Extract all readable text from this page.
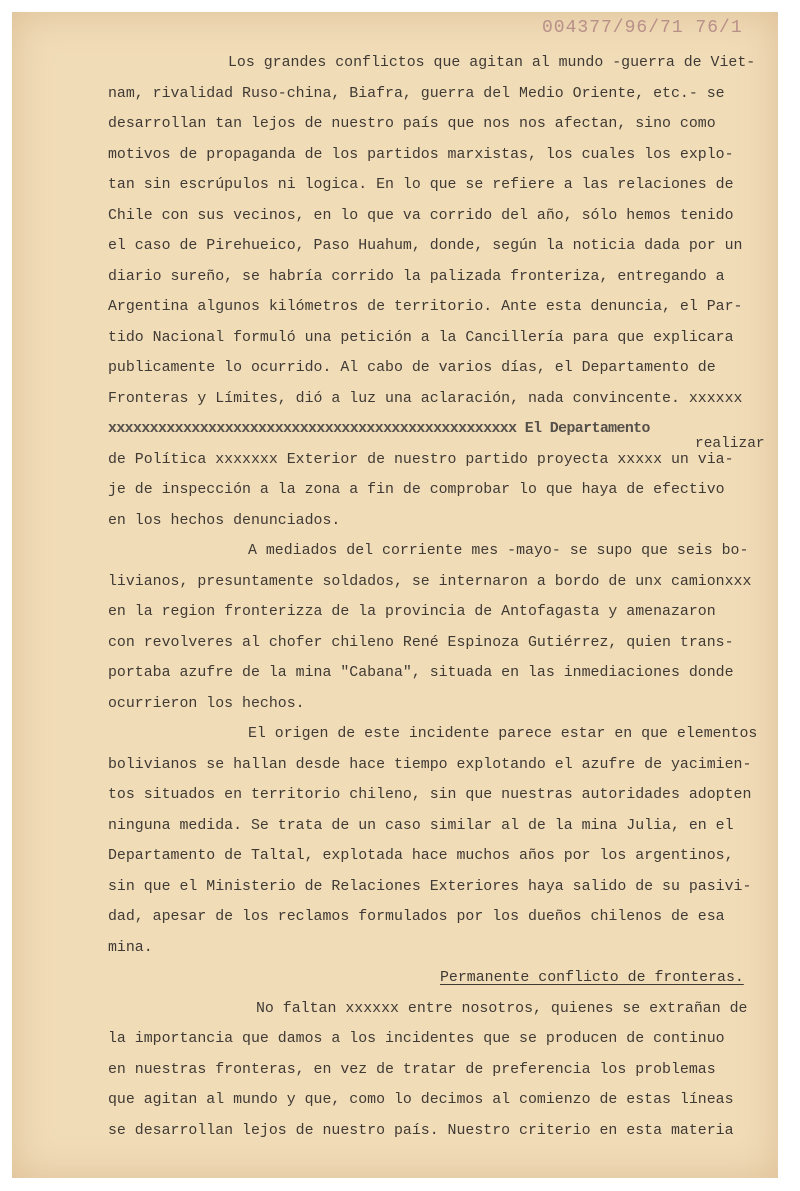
004377/96/71 76/1
Los grandes conflictos que agitan al mundo -guerra de Viet-
nam, rivalidad Ruso-china, Biafra, guerra del Medio Oriente, etc.- se
desarrollan tan lejos de nuestro país que nos nos afectan, sino como
motivos de propaganda de los partidos marxistas, los cuales los explo-
tan sin escrúpulos ni logica. En lo que se refiere a las relaciones de
Chile con sus vecinos, en lo que va corrido del año, sólo hemos tenido
el caso de Pirehueico, Paso Huahum, donde, según la noticia dada por un
diario sureño, se habría corrido la palizada fronteriza, entregando a
Argentina algunos kilómetros de territorio. Ante esta denuncia, el Par-
tido Nacional formuló una petición a la Cancillería para que explicara
publicamente lo ocurrido. Al cabo de varios días, el Departamento de
Fronteras y Límites, dió a luz una aclaración, nada convincente. xxxxxx
xxxxxxxxxxxxxxxxxxxxxxxxxxxxxxxxxxxxxxxxxxxxxxxxx El Departamento
realizar
de Política xxxxxxx Exterior de nuestro partido proyecta xxxxx un via-
je de inspección a la zona a fin de comprobar lo que haya de efectivo
en los hechos denunciados.
A mediados del corriente mes -mayo- se supo que seis bo-
livianos, presuntamente soldados, se internaron a bordo de unx camionxxx
en la region fronterizza de la provincia de Antofagasta y amenazaron
con revolveres al chofer chileno René Espinoza Gutiérrez, quien trans-
portaba azufre de la mina "Cabana", situada en las inmediaciones donde
ocurrieron los hechos.
El origen de este incidente parece estar en que elementos
bolivianos se hallan desde hace tiempo explotando el azufre de yacimien-
tos situados en territorio chileno, sin que nuestras autoridades adopten
ninguna medida. Se trata de un caso similar al de la mina Julia, en el
Departamento de Taltal, explotada hace muchos años por los argentinos,
sin que el Ministerio de Relaciones Exteriores haya salido de su pasivi-
dad, apesar de los reclamos formulados por los dueños chilenos de esa
mina.
Permanente conflicto de fronteras.
No faltan xxxxxx entre nosotros, quienes se extrañan de
la importancia que damos a los incidentes que se producen de continuo
en nuestras fronteras, en vez de tratar de preferencia los problemas
que agitan al mundo y que, como lo decimos al comienzo de estas líneas
se desarrollan lejos de nuestro país. Nuestro criterio en esta materia
